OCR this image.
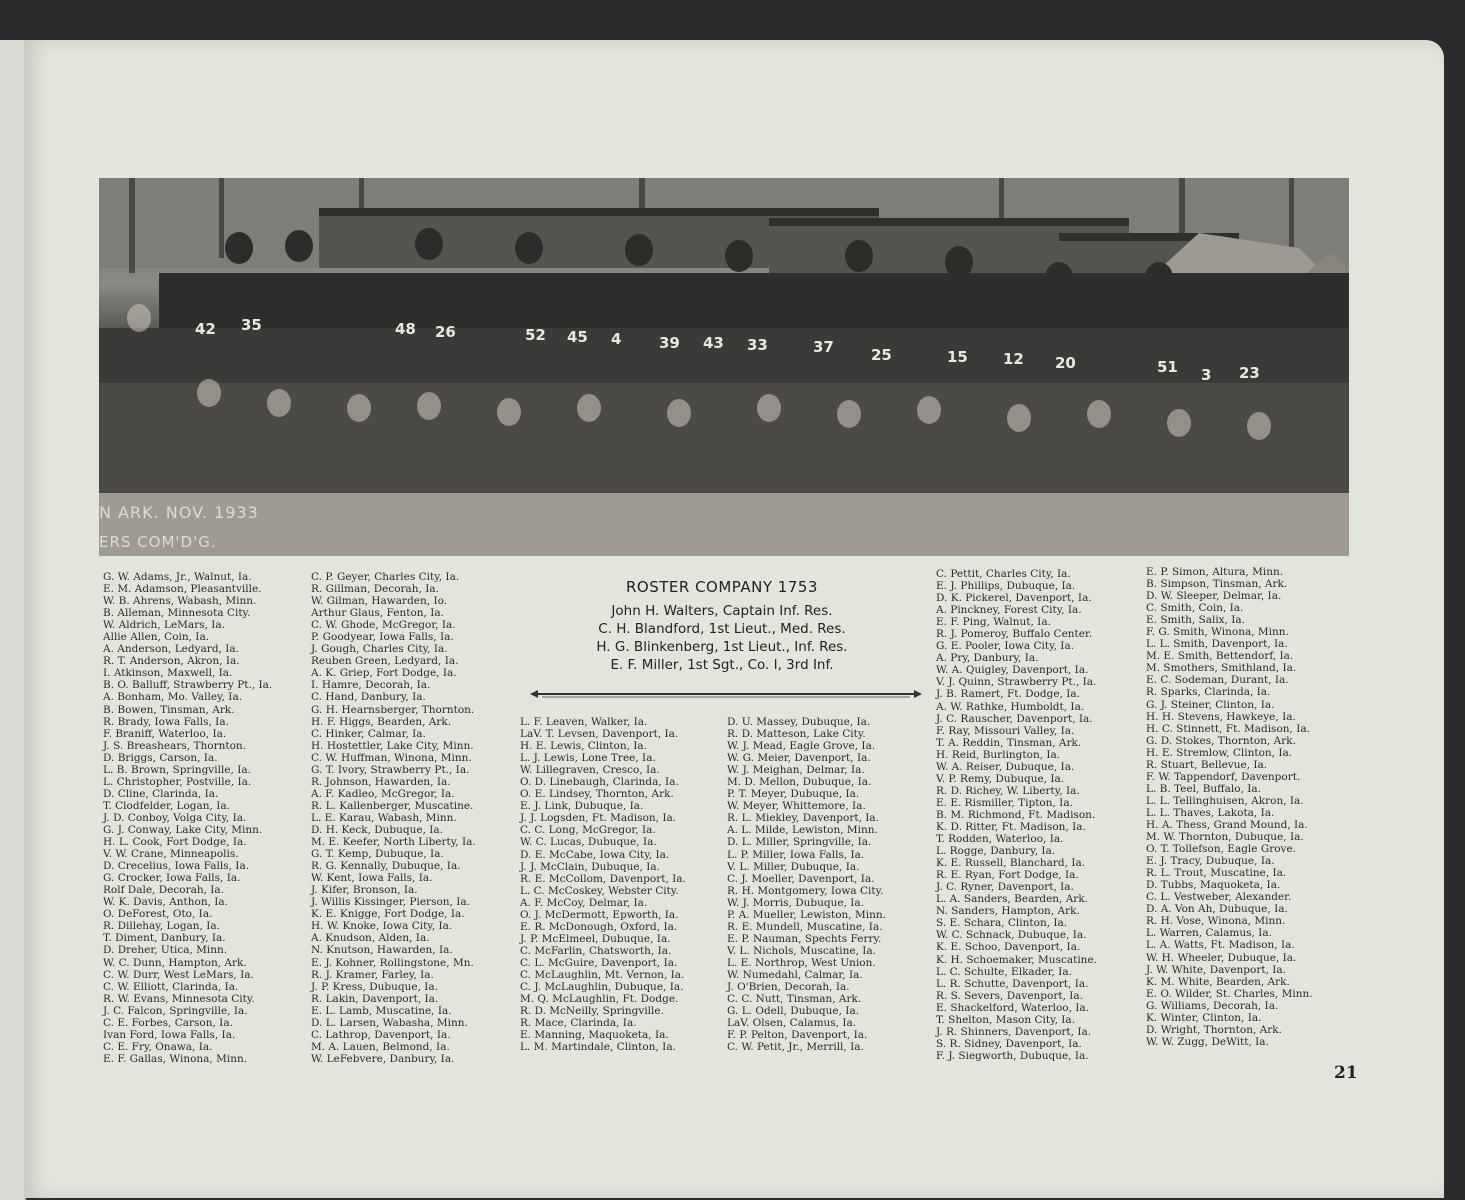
N ARK. NOV. 1933
ERS COM'D'G.
42 35	48 26	52 45 4	39 43 33	37 25	15 12 20	51 3 23
G. W. Adams, Jr., Walnut, Ia.
E. M. Adamson, Pleasantville.
W. B. Ahrens, Wabash, Minn.
B. Alleman, Minnesota City.
W. Aldrich, LeMars, Ia.
Allie Allen, Coin, Ia.
A. Anderson, Ledyard, Ia.
R. T. Anderson, Akron, Ia.
I. Atkinson, Maxwell, Ia.
B. O. Balluff, Strawberry Pt., Ia.
A. Bonham, Mo. Valley, Ia.
B. Bowen, Tinsman, Ark.
R. Brady, Iowa Falls, Ia.
F. Braniff, Waterloo, Ia.
J. S. Breashears, Thornton.
D. Briggs, Carson, Ia.
L. B. Brown, Springville, Ia.
L. Christopher, Postville, Ia.
D. Cline, Clarinda, Ia.
T. Clodfelder, Logan, Ia.
J. D. Conboy, Volga City, Ia.
G. J. Conway, Lake City, Minn.
H. L. Cook, Fort Dodge, Ia.
V. W. Crane, Minneapolis.
D. Crecelius, Iowa Falls, Ia.
G. Crocker, Iowa Falls, Ia.
Rolf Dale, Decorah, Ia.
W. K. Davis, Anthon, Ia.
O. DeForest, Oto, Ia.
R. Dillehay, Logan, Ia.
T. Diment, Danbury, Ia.
D. Dreher, Utica, Minn.
W. C. Dunn, Hampton, Ark.
C. W. Durr, West LeMars, Ia.
C. W. Elliott, Clarinda, Ia.
R. W. Evans, Minnesota City.
J. C. Falcon, Springville, Ia.
C. E. Forbes, Carson, Ia.
Ivan Ford, Iowa Falls, Ia.
C. E. Fry, Onawa, Ia.
E. F. Gallas, Winona, Minn.
C. P. Geyer, Charles City, Ia.
R. Gillman, Decorah, Ia.
W. Gilman, Hawarden, Io.
Arthur Glaus, Fenton, Ia.
C. W. Ghode, McGregor, Ia.
P. Goodyear, Iowa Falls, Ia.
J. Gough, Charles City, Ia.
Reuben Green, Ledyard, Ia.
A. K. Griep, Fort Dodge, Ia.
I. Hamre, Decorah, Ia.
C. Hand, Danbury, Ia.
G. H. Hearnsberger, Thornton.
H. F. Higgs, Bearden, Ark.
C. Hinker, Calmar, Ia.
H. Hostettler, Lake City, Minn.
C. W. Huffman, Winona, Minn.
G. T. Ivory, Strawberry Pt., Ia.
R. Johnson, Hawarden, Ia.
A. F. Kadleo, McGregor, Ia.
R. L. Kallenberger, Muscatine.
L. E. Karau, Wabash, Minn.
D. H. Keck, Dubuque, Ia.
M. E. Keefer, North Liberty, Ia.
G. T. Kemp, Dubuque, Ia.
R. G. Kennally, Dubuque, Ia.
W. Kent, Iowa Falls, Ia.
J. Kifer, Bronson, Ia.
J. Willis Kissinger, Pierson, Ia.
K. E. Knigge, Fort Dodge, Ia.
H. W. Knoke, Iowa City, Ia.
A. Knudson, Alden, Ia.
N. Knutson, Hawarden, Ia.
E. J. Kohner, Rollingstone, Mn.
R. J. Kramer, Farley, Ia.
J. P. Kress, Dubuque, Ia.
R. Lakin, Davenport, Ia.
E. L. Lamb, Muscatine, Ia.
D. L. Larsen, Wabasha, Minn.
C. Lathrop, Davenport, Ia.
M. A. Lauen, Belmond, Ia.
W. LeFebvere, Danbury, Ia.
L. F. Leaven, Walker, Ia.
LaV. T. Levsen, Davenport, Ia.
H. E. Lewis, Clinton, Ia.
L. J. Lewis, Lone Tree, Ia.
W. Lillegraven, Cresco, Ia.
O. D. Linebaugh, Clarinda, Ia.
O. E. Lindsey, Thornton, Ark.
E. J. Link, Dubuque, Ia.
J. J. Logsden, Ft. Madison, Ia.
C. C. Long, McGregor, Ia.
W. C. Lucas, Dubuque, Ia.
D. E. McCabe, Iowa City, Ia.
J. J. McClain, Dubuque, Ia.
R. E. McCollom, Davenport, Ia.
L. C. McCoskey, Webster City.
A. F. McCoy, Delmar, Ia.
O. J. McDermott, Epworth, Ia.
E. R. McDonough, Oxford, Ia.
J. P. McElmeel, Dubuque, Ia.
C. McFarlin, Chatsworth, Ia.
C. L. McGuire, Davenport, Ia.
C. McLaughlin, Mt. Vernon, Ia.
C. J. McLaughlin, Dubuque, Ia.
M. Q. McLaughlin, Ft. Dodge.
R. D. McNeilly, Springville.
R. Mace, Clarinda, Ia.
E. Manning, Maquoketa, Ia.
L. M. Martindale, Clinton, Ia.
D. U. Massey, Dubuque, Ia.
R. D. Matteson, Lake City.
W. J. Mead, Eagle Grove, Ia.
W. G. Meier, Davenport, Ia.
W. J. Meighan, Delmar, Ia.
M. D. Mellon, Dubuque, Ia.
P. T. Meyer, Dubuque, Ia.
W. Meyer, Whittemore, Ia.
R. L. Miekley, Davenport, Ia.
A. L. Milde, Lewiston, Minn.
D. L. Miller, Springville, Ia.
L. P. Miller, Iowa Falls, Ia.
V. L. Miller, Dubuque, Ia.
C. J. Moeller, Davenport, Ia.
R. H. Montgomery, Iowa City.
W. J. Morris, Dubuque, Ia.
P. A. Mueller, Lewiston, Minn.
R. E. Mundell, Muscatine, Ia.
E. P. Nauman, Spechts Ferry.
V. L. Nichols, Muscatine, Ia.
L. E. Northrop, West Union.
W. Numedahl, Calmar, Ia.
J. O'Brien, Decorah, Ia.
C. C. Nutt, Tinsman, Ark.
G. L. Odell, Dubuque, Ia.
LaV. Olsen, Calamus, Ia.
F. P. Pelton, Davenport, Ia.
C. W. Petit, Jr., Merrill, Ia.
C. Pettit, Charles City, Ia.
E. J. Phillips, Dubuque, Ia.
D. K. Pickerel, Davenport, Ia.
A. Pinckney, Forest City, Ia.
E. F. Ping, Walnut, Ia.
R. J. Pomeroy, Buffalo Center.
G. E. Pooler, Iowa City, Ia.
A. Pry, Danbury, Ia.
W. A. Quigley, Davenport, Ia.
V. J. Quinn, Strawberry Pt., Ia.
J. B. Ramert, Ft. Dodge, Ia.
A. W. Rathke, Humboldt, Ia.
J. C. Rauscher, Davenport, Ia.
F. Ray, Missouri Valley, Ia.
T. A. Reddin, Tinsman, Ark.
H. Reid, Burlington, Ia.
W. A. Reiser, Dubuque, Ia.
V. P. Remy, Dubuque, Ia.
R. D. Richey, W. Liberty, Ia.
E. E. Rismiller, Tipton, Ia.
B. M. Richmond, Ft. Madison.
K. D. Ritter, Ft. Madison, Ia.
T. Rodden, Waterloo, Ia.
L. Rogge, Danbury, Ia.
K. E. Russell, Blanchard, Ia.
R. E. Ryan, Fort Dodge, Ia.
J. C. Ryner, Davenport, Ia.
L. A. Sanders, Bearden, Ark.
N. Sanders, Hampton, Ark.
S. E. Schara, Clinton, Ia.
W. C. Schnack, Dubuque, Ia.
K. E. Schoo, Davenport, Ia.
K. H. Schoemaker, Muscatine.
L. C. Schulte, Elkader, Ia.
L. R. Schutte, Davenport, Ia.
R. S. Severs, Davenport, Ia.
E. Shackelford, Waterloo, Ia.
T. Shelton, Mason City, Ia.
J. R. Shinners, Davenport, Ia.
S. R. Sidney, Davenport, Ia.
F. J. Siegworth, Dubuque, Ia.
E. P. Simon, Altura, Minn.
B. Simpson, Tinsman, Ark.
D. W. Sleeper, Delmar, Ia.
C. Smith, Coin, Ia.
E. Smith, Salix, Ia.
F. G. Smith, Winona, Minn.
L. L. Smith, Davenport, Ia.
M. E. Smith, Bettendorf, Ia.
M. Smothers, Smithland, Ia.
E. C. Sodeman, Durant, Ia.
R. Sparks, Clarinda, Ia.
G. J. Steiner, Clinton, Ia.
H. H. Stevens, Hawkeye, Ia.
H. C. Stinnett, Ft. Madison, Ia.
G. D. Stokes, Thornton, Ark.
H. E. Stremlow, Clinton, Ia.
R. Stuart, Bellevue, Ia.
F. W. Tappendorf, Davenport.
L. B. Teel, Buffalo, Ia.
L. L. Tellinghuisen, Akron, Ia.
L. L. Thaves, Lakota, Ia.
H. A. Thess, Grand Mound, Ia.
M. W. Thornton, Dubuque, Ia.
O. T. Tollefson, Eagle Grove.
E. J. Tracy, Dubuque, Ia.
R. L. Trout, Muscatine, Ia.
D. Tubbs, Maquoketa, Ia.
C. L. Vestweber, Alexander.
D. A. Von Ah, Dubuque, Ia.
R. H. Vose, Winona, Minn.
L. Warren, Calamus, Ia.
L. A. Watts, Ft. Madison, Ia.
W. H. Wheeler, Dubuque, Ia.
J. W. White, Davenport, Ia.
K. M. White, Bearden, Ark.
E. O. Wilder, St. Charles, Minn.
G. Williams, Decorah, Ia.
K. Winter, Clinton, Ia.
D. Wright, Thornton, Ark.
W. W. Zugg, DeWitt, Ia.
ROSTER COMPANY 1753
John H. Walters, Captain Inf. Res.
C. H. Blandford, 1st Lieut., Med. Res.
H. G. Blinkenberg, 1st Lieut., Inf. Res.
E. F. Miller, 1st Sgt., Co. I, 3rd Inf.
21
